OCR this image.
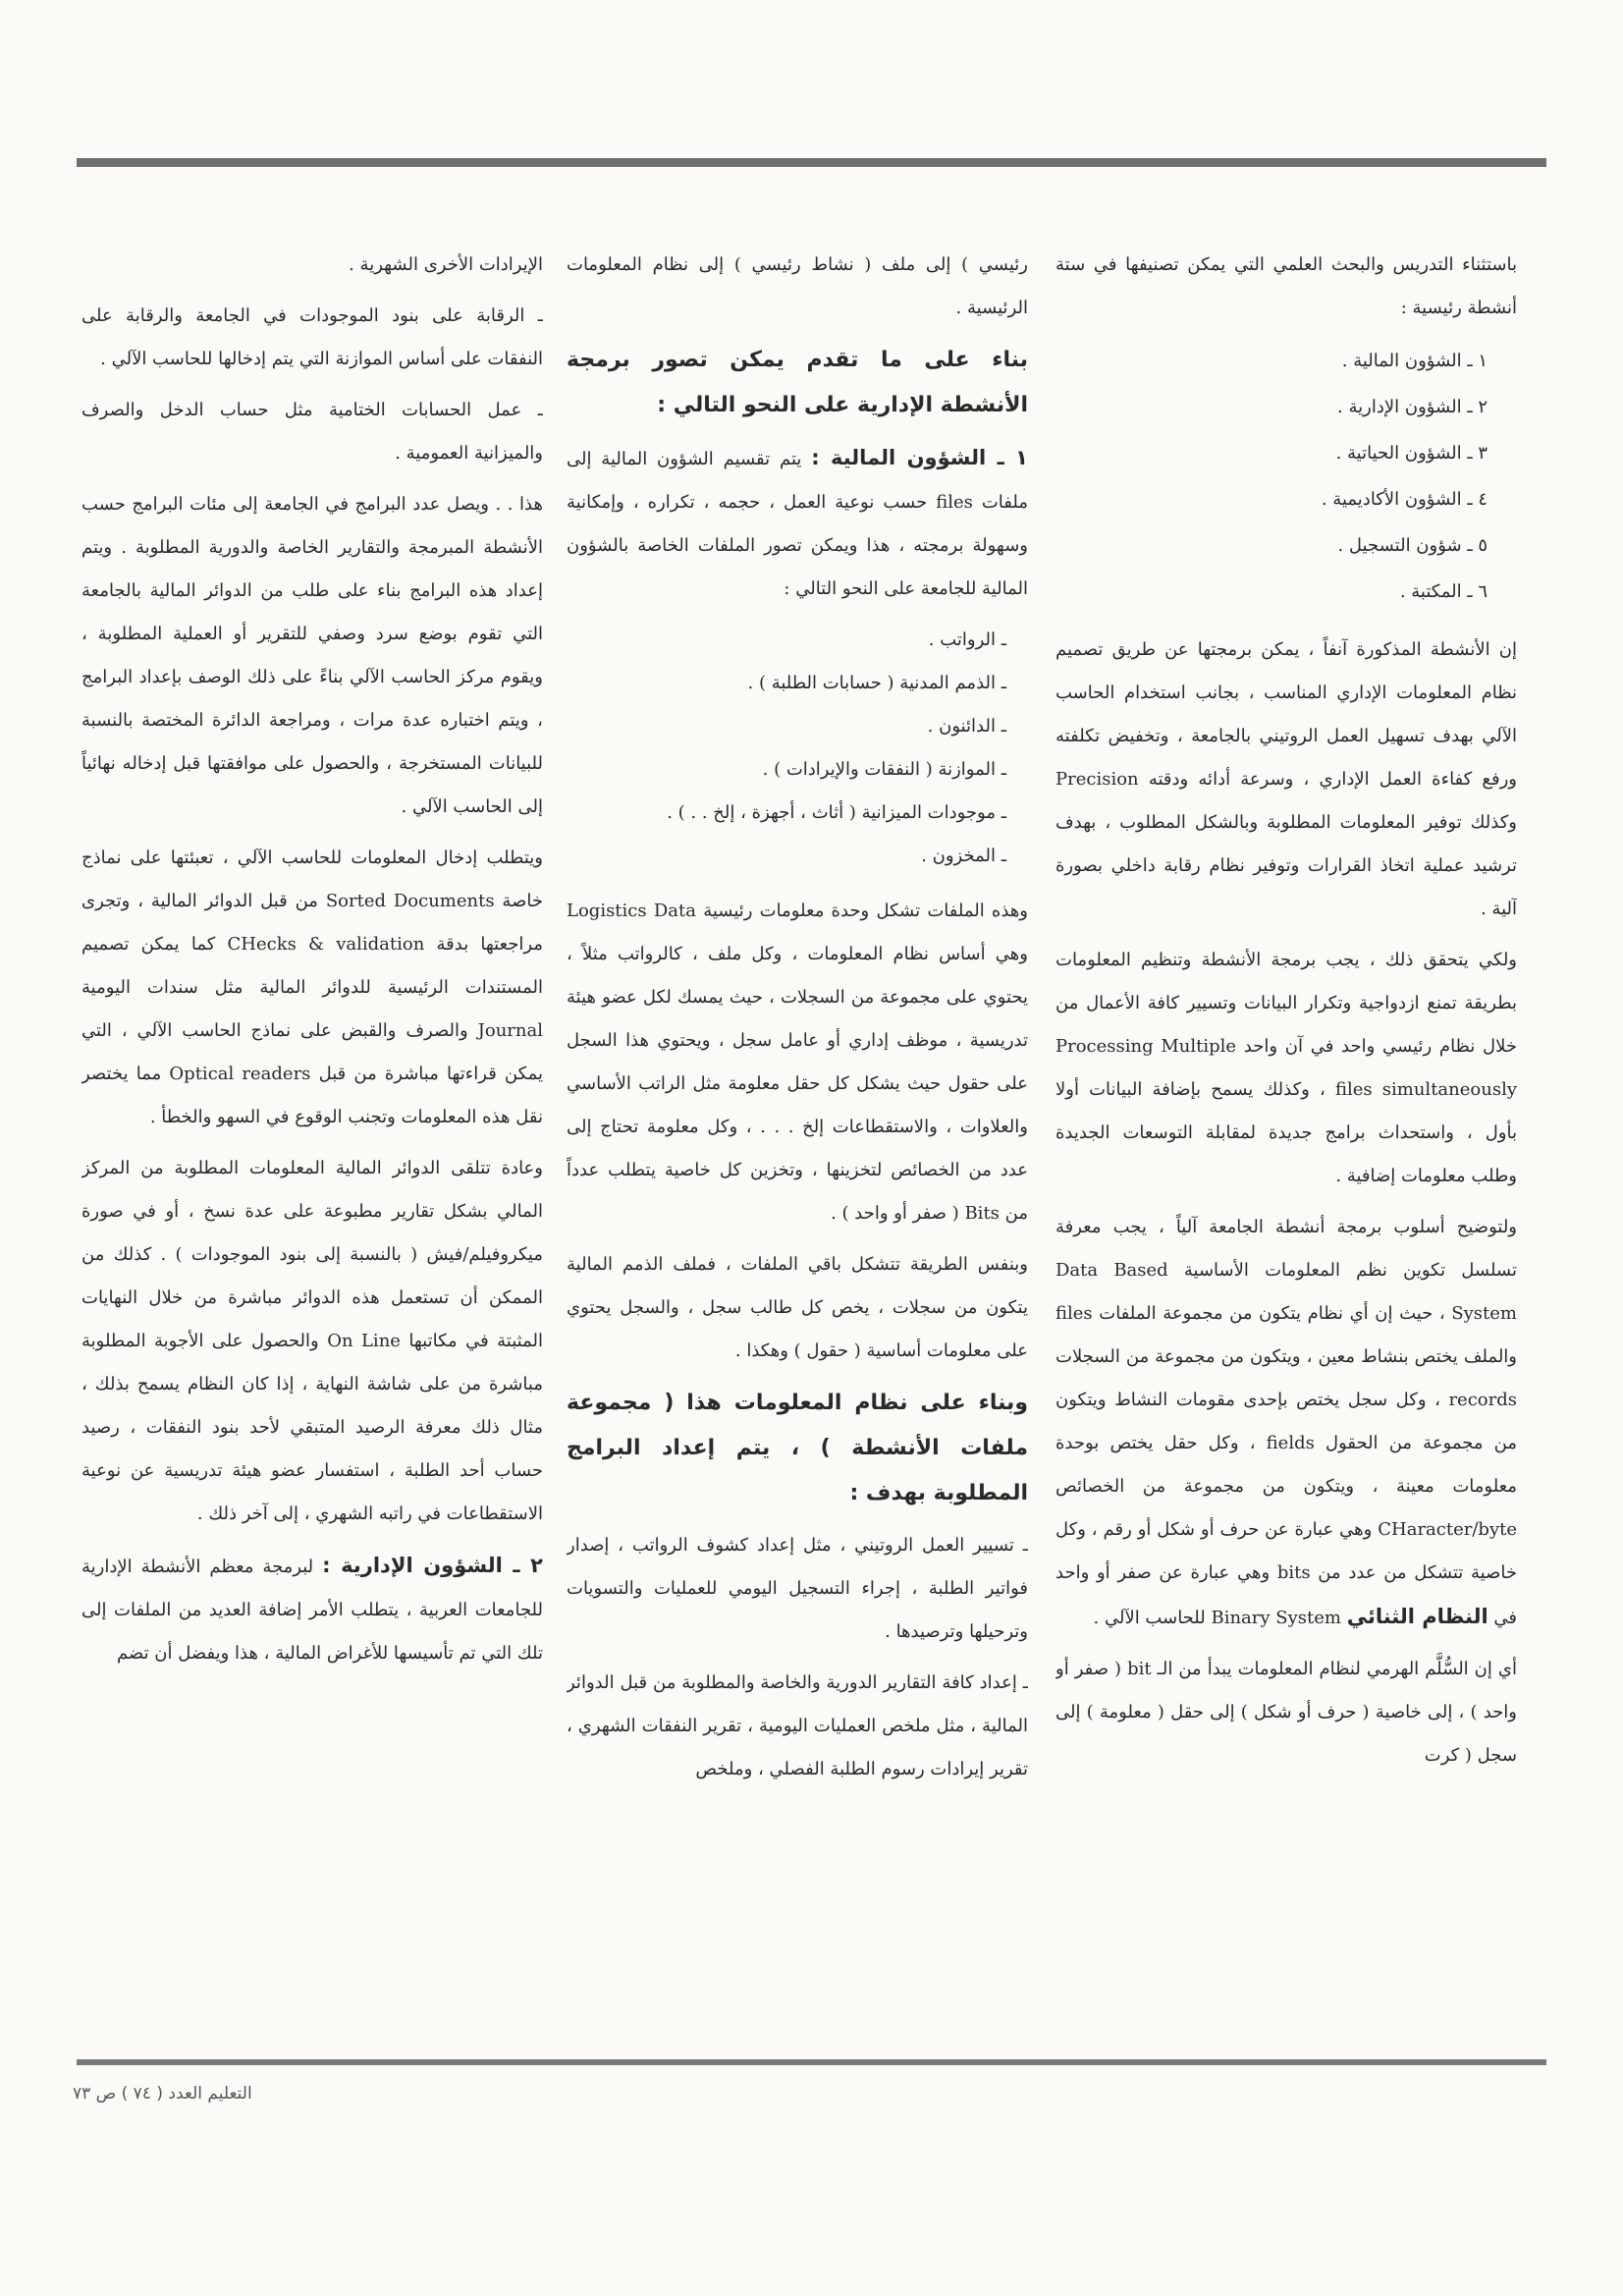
باستثناء التدريس والبحث العلمي التي يمكن تصنيفها في ستة أنشطة رئيسية :

١ ـ الشؤون المالية .
٢ ـ الشؤون الإدارية .
٣ ـ الشؤون الحياتية .
٤ ـ الشؤون الأكاديمية .
٥ ـ شؤون التسجيل .
٦ ـ المكتبة .

إن الأنشطة المذكورة آنفاً ، يمكن برمجتها عن طريق تصميم نظام المعلومات الإداري المناسب ، بجانب استخدام الحاسب الآلي بهدف تسهيل العمل الروتيني بالجامعة ، وتخفيض تكلفته ورفع كفاءة العمل الإداري ، وسرعة أدائه ودقته Precision وكذلك توفير المعلومات المطلوبة وبالشكل المطلوب ، بهدف ترشيد عملية اتخاذ القرارات وتوفير نظام رقابة داخلي بصورة آلية .

ولكي يتحقق ذلك ، يجب برمجة الأنشطة وتنظيم المعلومات بطريقة تمنع ازدواجية وتكرار البيانات وتسيير كافة الأعمال من خلال نظام رئيسي واحد في آن واحد Processing Multiple files simultaneously ، وكذلك يسمح بإضافة البيانات أولا بأول ، واستحداث برامج جديدة لمقابلة التوسعات الجديدة وطلب معلومات إضافية .

ولتوضيح أسلوب برمجة أنشطة الجامعة آلياً ، يجب معرفة تسلسل تكوين نظم المعلومات الأساسية Data Based System ، حيث إن أي نظام يتكون من مجموعة الملفات files والملف يختص بنشاط معين ، ويتكون من مجموعة من السجلات records ، وكل سجل يختص بإحدى مقومات النشاط ويتكون من مجموعة من الحقول fields ، وكل حقل يختص بوحدة معلومات معينة ، ويتكون من مجموعة من الخصائص CHaracter/byte وهي عبارة عن حرف أو شكل أو رقم ، وكل خاصية تتشكل من عدد من bits وهي عبارة عن صفر أو واحد في النظام الثنائي Binary System للحاسب الآلي .

أي إن السُّلَّم الهرمي لنظام المعلومات يبدأ من الـ bit ( صفر أو واحد ) ، إلى خاصية ( حرف أو شكل ) إلى حقل ( معلومة ) إلى سجل ( كرت

رئيسي ) إلى ملف ( نشاط رئيسي ) إلى نظام المعلومات الرئيسية .

بناء على ما تقدم يمكن تصور برمجة الأنشطة الإدارية على النحو التالي :

١ ـ الشؤون المالية : يتم تقسيم الشؤون المالية إلى ملفات files حسب نوعية العمل ، حجمه ، تكراره ، وإمكانية وسهولة برمجته ، هذا ويمكن تصور الملفات الخاصة بالشؤون المالية للجامعة على النحو التالي :

ـ الرواتب .
ـ الذمم المدنية ( حسابات الطلبة ) .
ـ الدائنون .
ـ الموازنة ( النفقات والإيرادات ) .
ـ موجودات الميزانية ( أثاث ، أجهزة ، إلخ . . ) .
ـ المخزون .

وهذه الملفات تشكل وحدة معلومات رئيسية Logistics Data وهي أساس نظام المعلومات ، وكل ملف ، كالرواتب مثلاً ، يحتوي على مجموعة من السجلات ، حيث يمسك لكل عضو هيئة تدريسية ، موظف إداري أو عامل سجل ، ويحتوي هذا السجل على حقول حيث يشكل كل حقل معلومة مثل الراتب الأساسي والعلاوات ، والاستقطاعات إلخ . . . ، وكل معلومة تحتاج إلى عدد من الخصائص لتخزينها ، وتخزين كل خاصية يتطلب عدداً من Bits ( صفر أو واحد ) .

وبنفس الطريقة تتشكل باقي الملفات ، فملف الذمم المالية يتكون من سجلات ، يخص كل طالب سجل ، والسجل يحتوي على معلومات أساسية ( حقول ) وهكذا .

وبناء على نظام المعلومات هذا ( مجموعة ملفات الأنشطة ) ، يتم إعداد البرامج المطلوبة بهدف :

ـ تسيير العمل الروتيني ، مثل إعداد كشوف الرواتب ، إصدار فواتير الطلبة ، إجراء التسجيل اليومي للعمليات والتسويات وترحيلها وترصيدها .

ـ إعداد كافة التقارير الدورية والخاصة والمطلوبة من قبل الدوائر المالية ، مثل ملخص العمليات اليومية ، تقرير النفقات الشهري ، تقرير إيرادات رسوم الطلبة الفصلي ، وملخص

الإيرادات الأخرى الشهرية .

ـ الرقابة على بنود الموجودات في الجامعة والرقابة على النفقات على أساس الموازنة التي يتم إدخالها للحاسب الآلي .

ـ عمل الحسابات الختامية مثل حساب الدخل والصرف والميزانية العمومية .

هذا . . ويصل عدد البرامج في الجامعة إلى مئات البرامج حسب الأنشطة المبرمجة والتقارير الخاصة والدورية المطلوبة . ويتم إعداد هذه البرامج بناء على طلب من الدوائر المالية بالجامعة التي تقوم بوضع سرد وصفي للتقرير أو العملية المطلوبة ، ويقوم مركز الحاسب الآلي بناءً على ذلك الوصف بإعداد البرامج ، ويتم اختباره عدة مرات ، ومراجعة الدائرة المختصة بالنسبة للبيانات المستخرجة ، والحصول على موافقتها قبل إدخاله نهائياً إلى الحاسب الآلي .

ويتطلب إدخال المعلومات للحاسب الآلي ، تعبئتها على نماذج خاصة Sorted Documents من قبل الدوائر المالية ، وتجرى مراجعتها بدقة CHecks & validation كما يمكن تصميم المستندات الرئيسية للدوائر المالية مثل سندات اليومية Journal والصرف والقبض على نماذج الحاسب الآلي ، التي يمكن قراءتها مباشرة من قبل Optical readers مما يختصر نقل هذه المعلومات وتجنب الوقوع في السهو والخطأ .

وعادة تتلقى الدوائر المالية المعلومات المطلوبة من المركز المالي بشكل تقارير مطبوعة على عدة نسخ ، أو في صورة ميكروفيلم/فيش ( بالنسبة إلى بنود الموجودات ) . كذلك من الممكن أن تستعمل هذه الدوائر مباشرة من خلال النهايات المثبتة في مكاتبها On Line والحصول على الأجوبة المطلوبة مباشرة من على شاشة النهاية ، إذا كان النظام يسمح بذلك ، مثال ذلك معرفة الرصيد المتبقي لأحد بنود النفقات ، رصيد حساب أحد الطلبة ، استفسار عضو هيئة تدريسية عن نوعية الاستقطاعات في راتبه الشهري ، إلى آخر ذلك .

٢ ـ الشؤون الإدارية : لبرمجة معظم الأنشطة الإدارية للجامعات العربية ، يتطلب الأمر إضافة العديد من الملفات إلى تلك التي تم تأسيسها للأغراض المالية ، هذا ويفضل أن تضم

التعليم العدد ( ٧٤ ) ص ٧٣
